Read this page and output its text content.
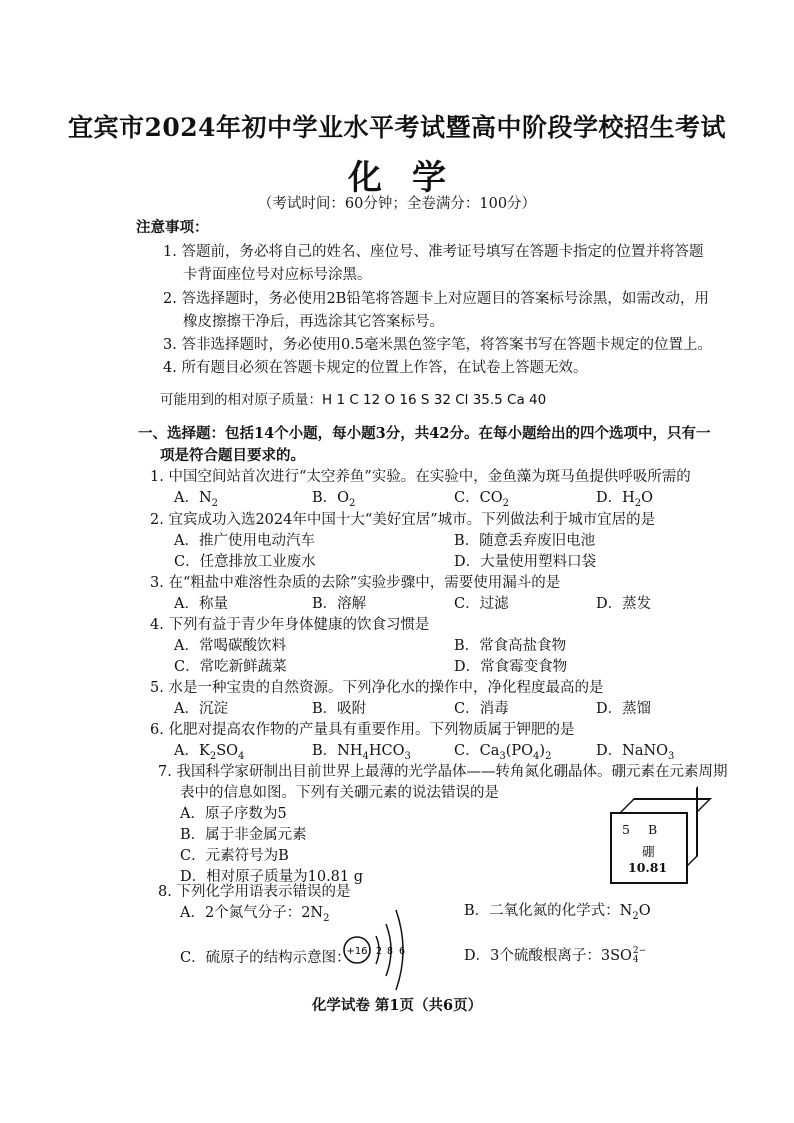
宜宾市2024年初中学业水平考试暨高中阶段学校招生考试
化学
（考试时间：60分钟；全卷满分：100分）
注意事项：
1. 答题前，务必将自己的姓名、座位号、准考证号填写在答题卡指定的位置并将答题
卡背面座位号对应标号涂黑。
2. 答选择题时，务必使用2B铅笔将答题卡上对应题目的答案标号涂黑，如需改动，用
橡皮擦擦干净后，再选涂其它答案标号。
3. 答非选择题时，务必使用0.5毫米黑色签字笔，将答案书写在答题卡规定的位置上。
4. 所有题目必须在答题卡规定的位置上作答，在试卷上答题无效。
可能用到的相对原子质量：H 1 C 12 O 16 S 32 Cl 35.5 Ca 40
一、选择题：包括14个小题，每小题3分，共42分。在每小题给出的四个选项中，只有一
项是符合题目要求的。
1. 中国空间站首次进行“太空养鱼”实验。在实验中，金鱼藻为斑马鱼提供呼吸所需的
A．$N_2$	B．$O_2$	C．$CO_2$	D．$H_2O$
2. 宜宾成功入选2024年中国十大“美好宜居”城市。下列做法利于城市宜居的是
A．推广使用电动汽车	B．随意丢弃废旧电池
C．任意排放工业废水	D．大量使用塑料口袋
3. 在“粗盐中难溶性杂质的去除”实验步骤中，需要使用漏斗的是
A．称量	B．溶解	C．过滤	D．蒸发
4. 下列有益于青少年身体健康的饮食习惯是
A．常喝碳酸饮料	B．常食高盐食物
C．常吃新鲜蔬菜	D．常食霉变食物
5. 水是一种宝贵的自然资源。下列净化水的操作中，净化程度最高的是
A．沉淀	B．吸附	C．消毒	D．蒸馏
6. 化肥对提高农作物的产量具有重要作用。下列物质属于钾肥的是
A．$K_2SO_4$	B．$NH_4HCO_3$	C．$Ca_3(PO_4)_2$	D．NaNO$_3$
7. 我国科学家研制出目前世界上最薄的光学晶体——转角氮化硼晶体。硼元素在元素周期
表中的信息如图。下列有关硼元素的说法错误的是
A．原子序数为5
B．属于非金属元素
C．元素符号为B
D．相对原子质量为10.81 g
5 B
硼
10.81
8. 下列化学用语表示错误的是
A．2个氮气分子：$2N_2$	B．二氧化氮的化学式：$N_2O$
C．硫原子的结构示意图：
+16 2 8 6	D．3个硫酸根离子：3SO 2−
4
化学试卷 第1页（共6页）
